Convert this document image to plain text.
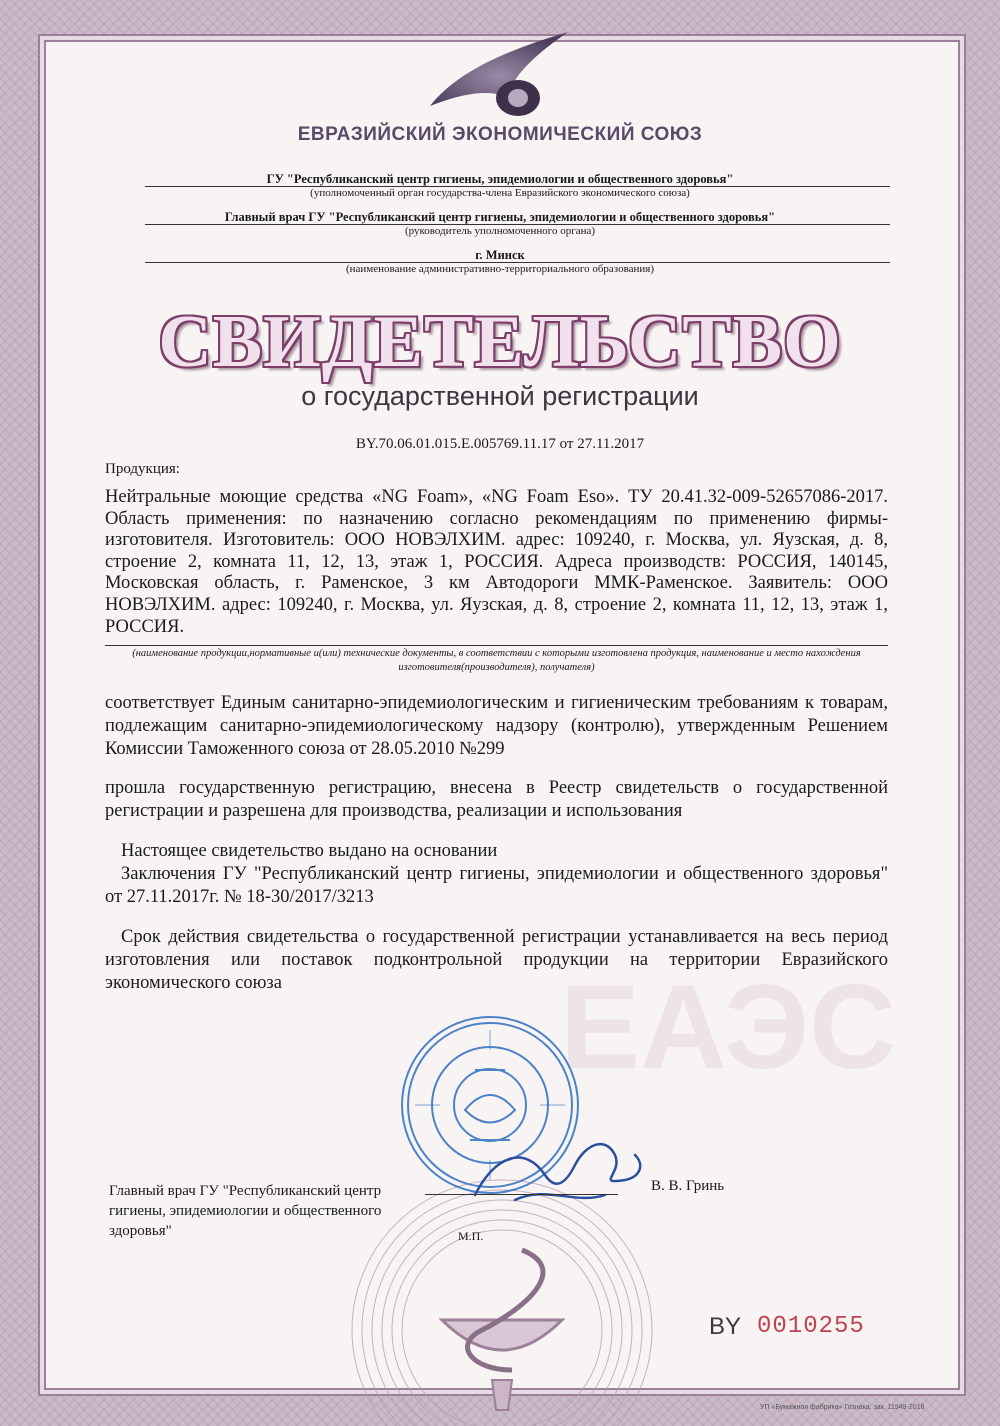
ЕВРАЗИЙСКИЙ ЭКОНОМИЧЕСКИЙ СОЮЗ
ГУ "Республиканский центр гигиены, эпидемиологии и общественного здоровья"
(уполномоченный орган государства-члена Евразийского экономического союза)
Главный врач ГУ "Республиканский центр гигиены, эпидемиологии и общественного здоровья"
(руководитель уполномоченного органа)
г. Минск
(наименование административно-территориального образования)
ЕАЭС
СВИДЕТЕЛЬСТВО
о государственной регистрации
BY.70.06.01.015.E.005769.11.17 от 27.11.2017
Продукция:
Нейтральные моющие средства «NG Foam», «NG Foam Eso». ТУ 20.41.32-009-52657086-2017. Область применения: по назначению согласно рекомендациям по применению фирмы-изготовителя. Изготовитель: ООО НОВЭЛХИМ. адрес: 109240, г. Москва, ул. Яузская, д. 8, строение 2, комната 11, 12, 13, этаж 1, РОССИЯ. Адреса производств: РОССИЯ, 140145, Московская область, г. Раменское, 3 км Автодороги ММК-Раменское. Заявитель: ООО НОВЭЛХИМ. адрес: 109240, г. Москва, ул. Яузская, д. 8, строение 2, комната 11, 12, 13, этаж 1, РОССИЯ.
(наименование продукции,нормативные и(или) технические документы, в соответствии с которыми изготовлена продукция, наименование и место нахождения изготовителя(производителя), получателя)
соответствует Единым санитарно-эпидемиологическим и гигиеническим требованиям к товарам, подлежащим санитарно-эпидемиологическому надзору (контролю), утвержденным Решением Комиссии Таможенного союза от 28.05.2010 №299
прошла государственную регистрацию, внесена в Реестр свидетельств о государственной регистрации и разрешена для производства, реализации и использования
Настоящее свидетельство выдано на основании
Заключения ГУ "Республиканский центр гигиены, эпидемиологии и общественного здоровья" от 27.11.2017г. № 18-30/2017/3213
Срок действия свидетельства о государственной регистрации устанавливается на весь период изготовления или поставок подконтрольной продукции на территории Евразийского экономического союза
Главный врач ГУ "Республиканский центр гигиены, эпидемиологии и общественного здоровья"
В. В. Гринь
М.П.
BY 0010255
УП «Бумажная фабрика» Гознака, зак. 11949-2016
